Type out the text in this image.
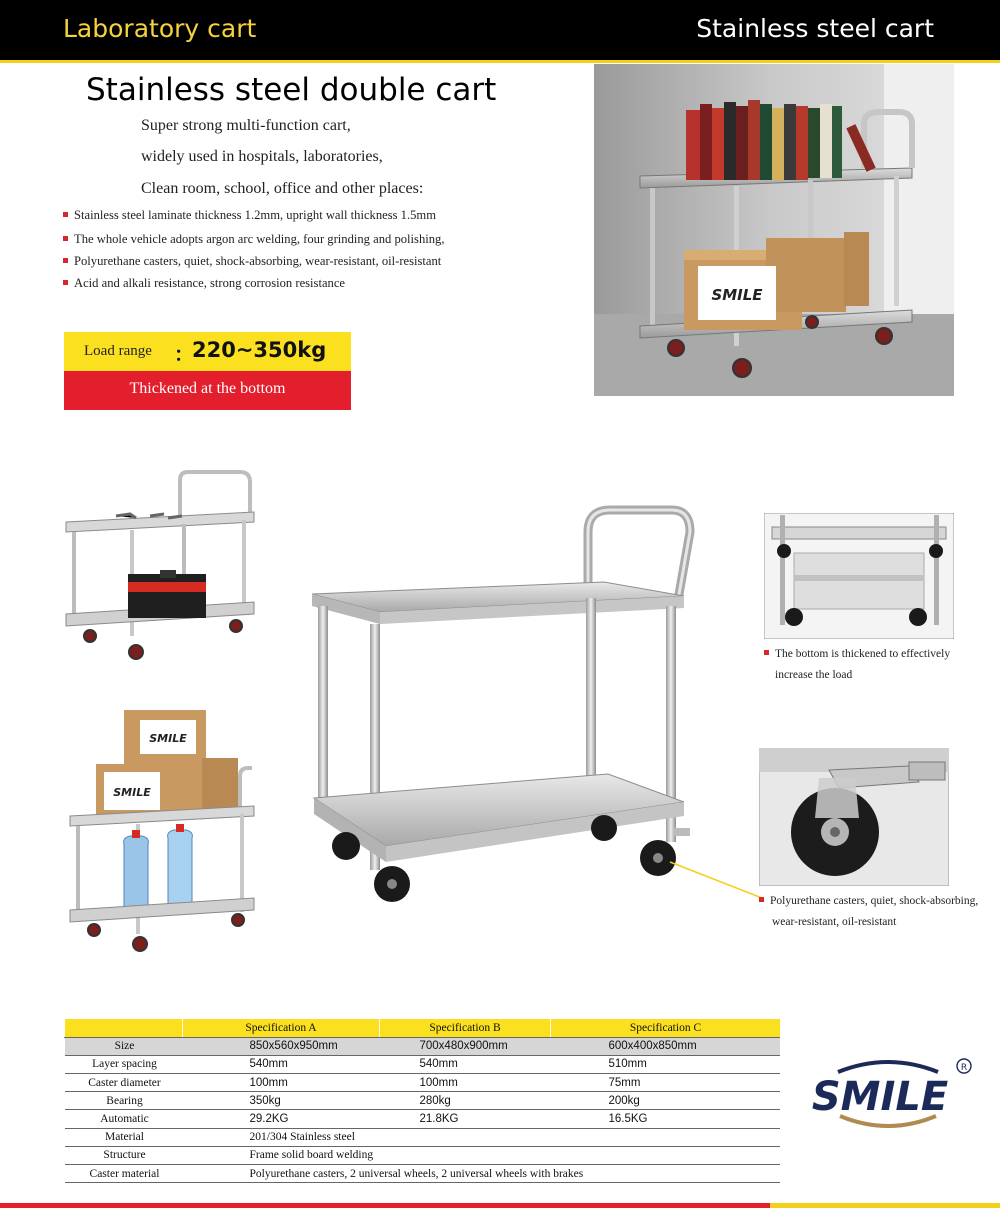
Laboratory cart	Stainless steel cart
Stainless steel double cart
Super strong multi-function cart,
widely used in hospitals, laboratories,
Clean room, school, office and other places:
Stainless steel laminate thickness 1.2mm, upright wall thickness 1.5mm
The whole vehicle adopts argon arc welding, four grinding and polishing,
Polyurethane casters, quiet, shock-absorbing, wear-resistant, oil-resistant
Acid and alkali resistance, strong corrosion resistance
Load range ：
220~350kg
Thickened at the bottom
SMILE
SMILE
SMILE
The bottom is thickened to effectively
increase the load
Polyurethane casters, quiet, shock-absorbing,
wear-resistant, oil-resistant
	Specification A	Specification B	Specification C
Size	850x560x950mm	700x480x900mm	600x400x850mm
Layer spacing	540mm	540mm	510mm
Caster diameter	100mm	100mm	75mm
Bearing	350kg	280kg	200kg
Automatic	29.2KG	21.8KG	16.5KG
Material	201/304 Stainless steel		
Structure	Frame solid board welding		
Caster material	Polyurethane casters, 2 universal wheels, 2 universal wheels with brakes		
SMILE
R
